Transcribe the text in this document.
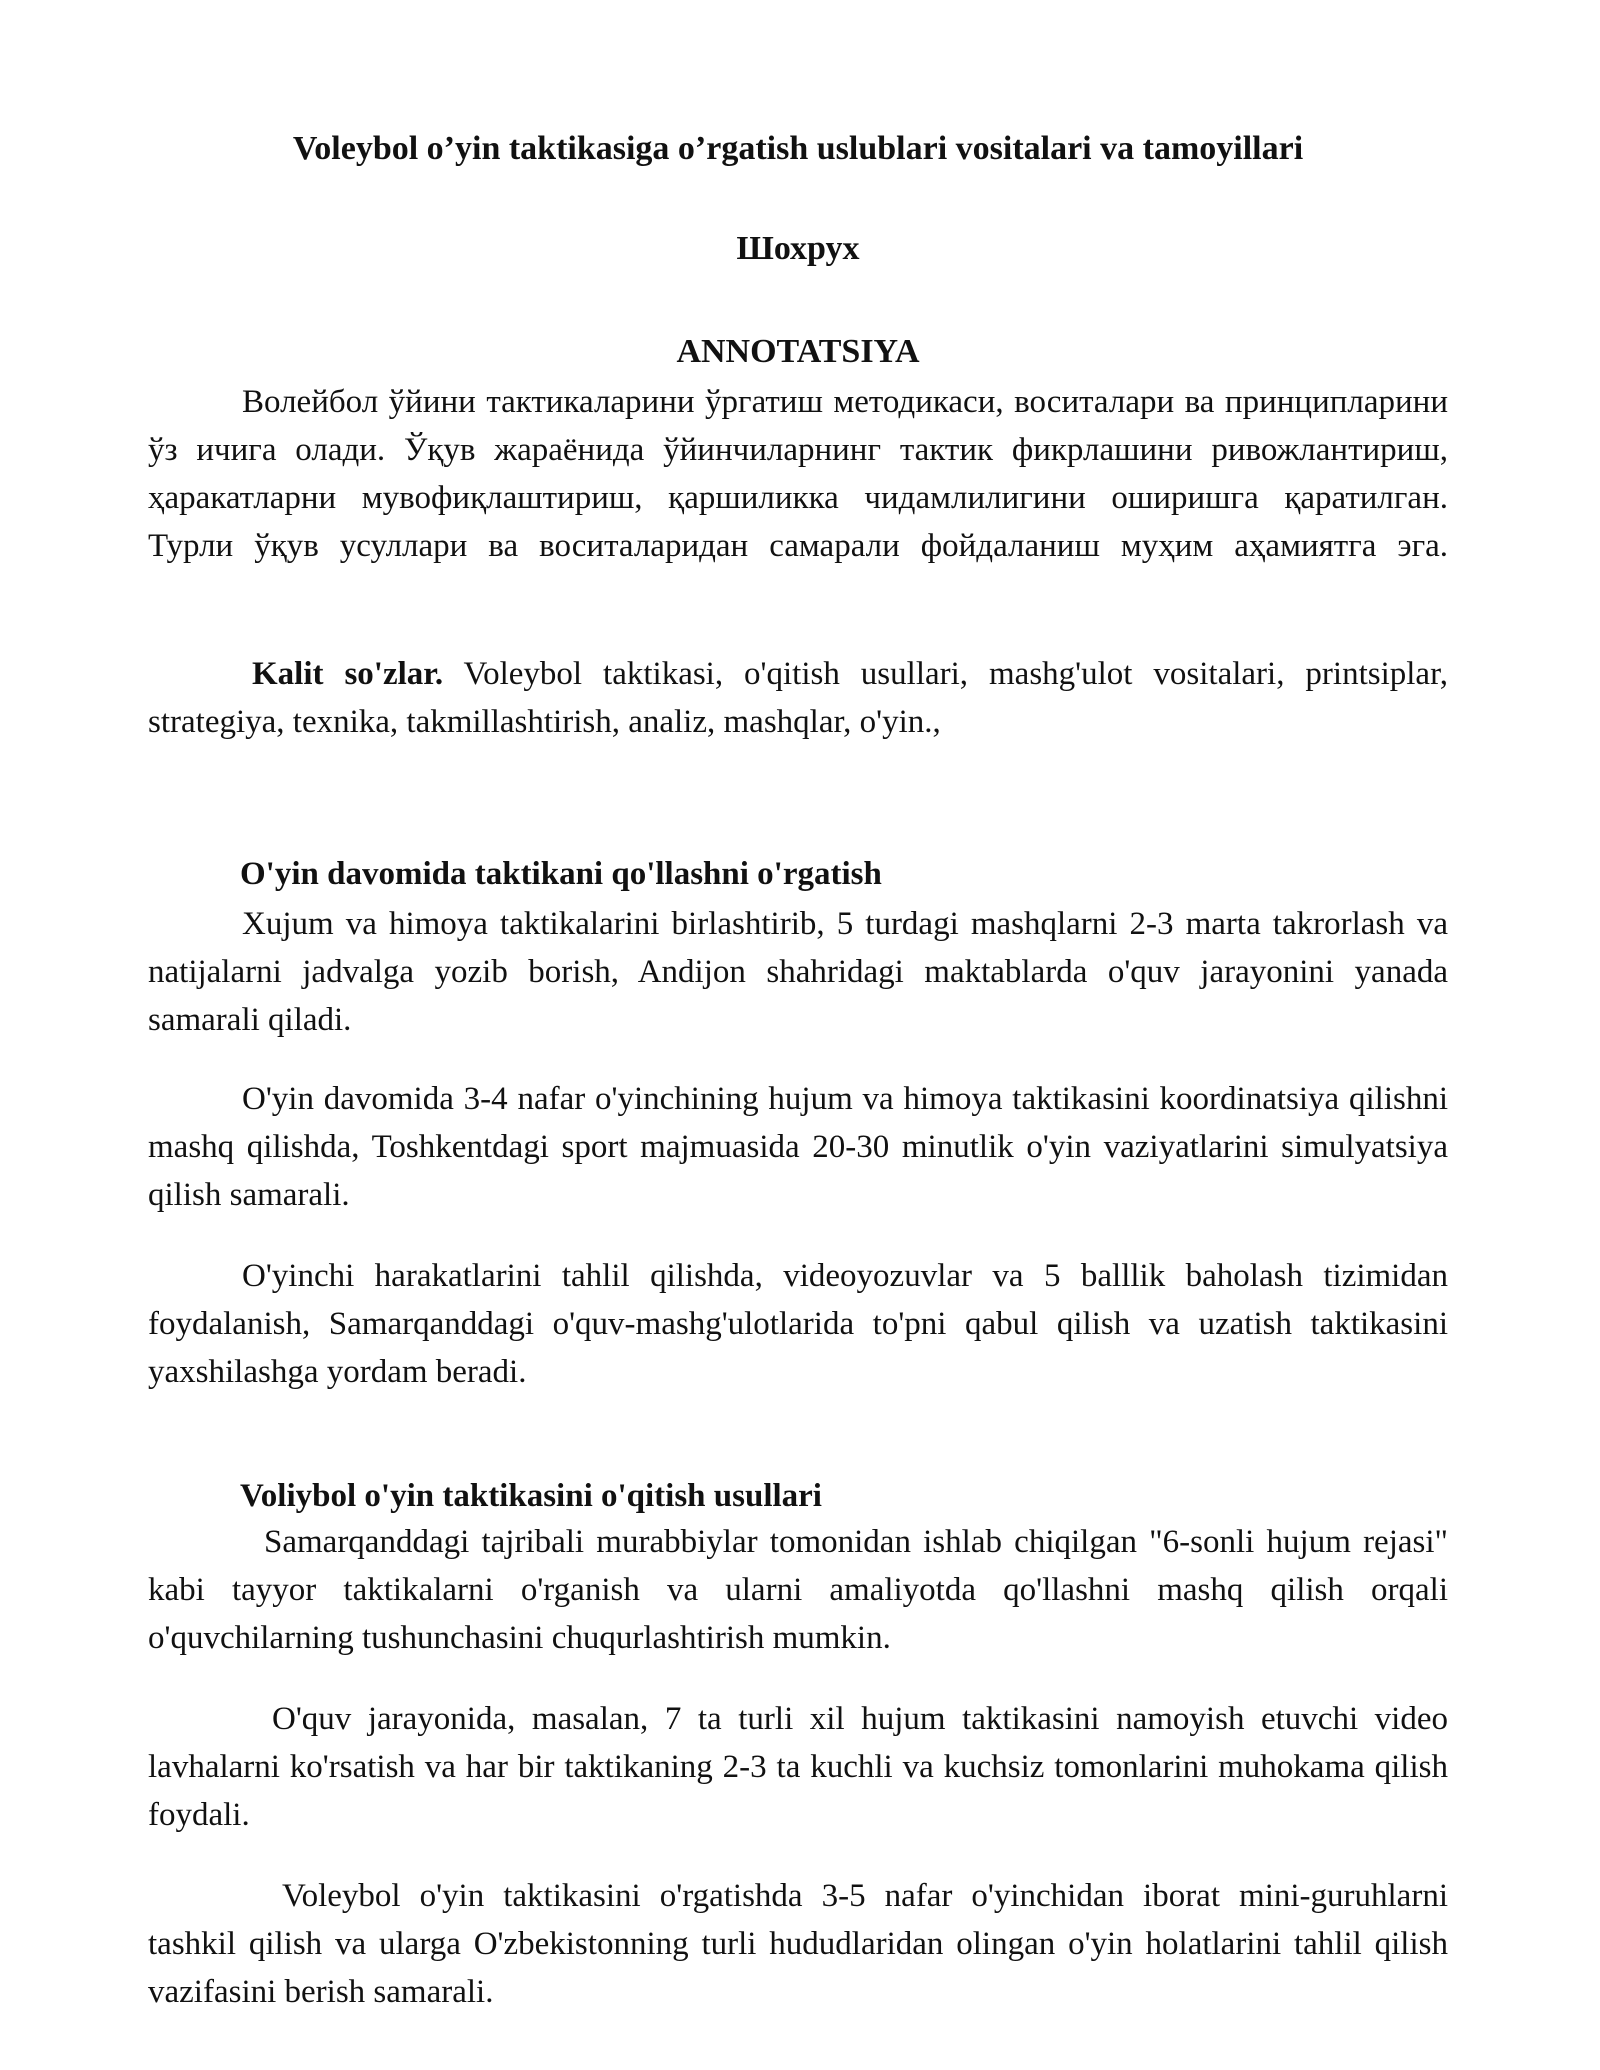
Voleybol o’yin taktikasiga o’rgatish uslublari vositalari va tamoyillari
Шохрух
ANNOTATSIYA

Волейбол ўйини тактикаларини ўргатиш методикаси, воситалари ва принципларини ўз ичига олади. Ўқув жараёнида ўйинчиларнинг тактик фикрлашини ривожлантириш, ҳаракатларни мувофиқлаштириш, қаршиликка чидамлилигини оширишга қаратилган. Турли ўқув усуллари ва воситаларидан самарали фойдаланиш муҳим аҳамиятга эга.

Kalit so'zlar. Voleybol taktikasi, o'qitish usullari, mashg'ulot vositalari, printsiplar, strategiya, texnika, takmillashtirish, analiz, mashqlar, o'yin.,

O'yin davomida taktikani qo'llashni o'rgatish

Xujum va himoya taktikalarini birlashtirib, 5 turdagi mashqlarni 2-3 marta takrorlash va natijalarni jadvalga yozib borish, Andijon shahridagi maktablarda o'quv jarayonini yanada samarali qiladi.

O'yin davomida 3-4 nafar o'yinchining hujum va himoya taktikasini koordinatsiya qilishni mashq qilishda, Toshkentdagi sport majmuasida 20-30 minutlik o'yin vaziyatlarini simulyatsiya qilish samarali.

O'yinchi harakatlarini tahlil qilishda, videoyozuvlar va 5 balllik baholash tizimidan foydalanish, Samarqanddagi o'quv-mashg'ulotlarida to'pni qabul qilish va uzatish taktikasini yaxshilashga yordam beradi.

Voliybol o'yin taktikasini o'qitish usullari

Samarqanddagi tajribali murabbiylar tomonidan ishlab chiqilgan "6-sonli hujum rejasi" kabi tayyor taktikalarni o'rganish va ularni amaliyotda qo'llashni mashq qilish orqali o'quvchilarning tushunchasini chuqurlashtirish mumkin.

O'quv jarayonida, masalan, 7 ta turli xil hujum taktikasini namoyish etuvchi video lavhalarni ko'rsatish va har bir taktikaning 2-3 ta kuchli va kuchsiz tomonlarini muhokama qilish foydali.

Voleybol o'yin taktikasini o'rgatishda 3-5 nafar o'yinchidan iborat mini-guruhlarni tashkil qilish va ularga O'zbekistonning turli hududlaridan olingan o'yin holatlarini tahlil qilish vazifasini berish samarali.
